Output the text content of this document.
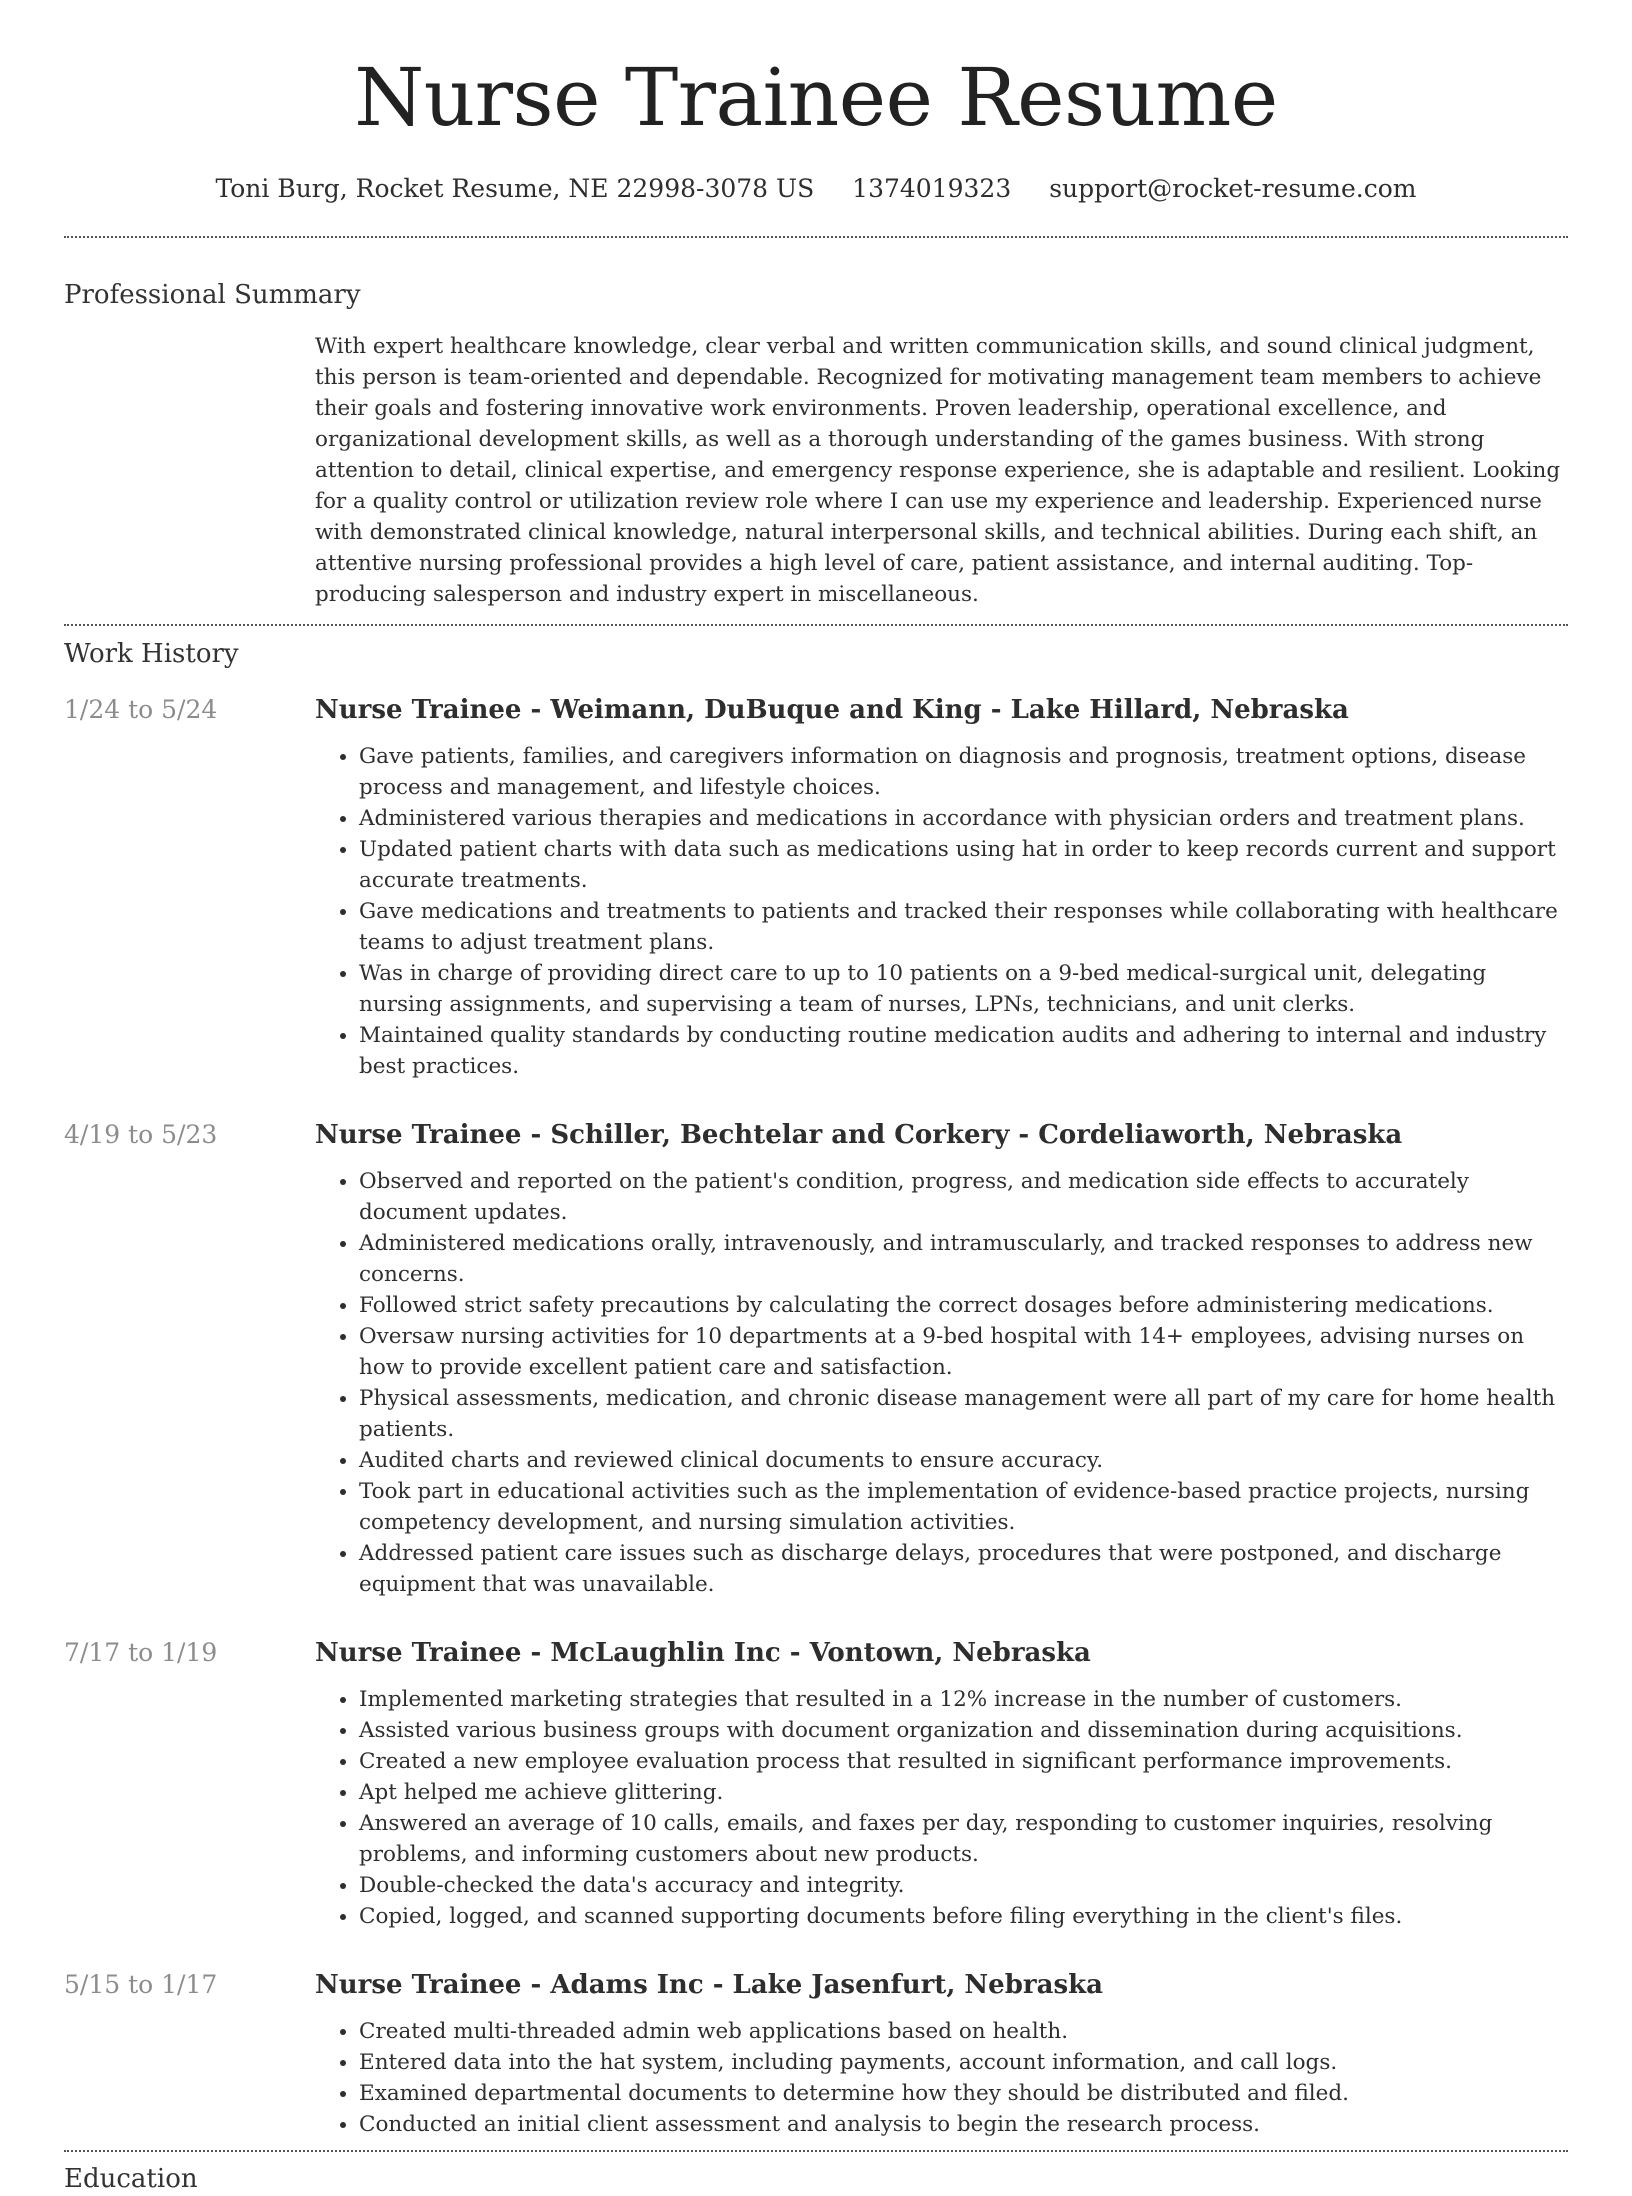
Nurse Trainee Resume
Toni Burg, Rocket Resume, NE 22998-3078 US 1374019323 support@rocket-resume.com
Professional Summary

With expert healthcare knowledge, clear verbal and written communication skills, and sound clinical judgment, this person is team-oriented and dependable. Recognized for motivating management team members to achieve their goals and fostering innovative work environments. Proven leadership, operational excellence, and organizational development skills, as well as a thorough understanding of the games business. With strong attention to detail, clinical expertise, and emergency response experience, she is adaptable and resilient. Looking for a quality control or utilization review role where I can use my experience and leadership. Experienced nurse with demonstrated clinical knowledge, natural interpersonal skills, and technical abilities. During each shift, an attentive nursing professional provides a high level of care, patient assistance, and internal auditing. Top-producing salesperson and industry expert in miscellaneous.

Work History
1/24 to 5/24	Nurse Trainee - Weimann, DuBuque and King - Lake Hillard, Nebraska
• Gave patients, families, and caregivers information on diagnosis and prognosis, treatment options, disease process and management, and lifestyle choices.
• Administered various therapies and medications in accordance with physician orders and treatment plans.
• Updated patient charts with data such as medications using hat in order to keep records current and support accurate treatments.
• Gave medications and treatments to patients and tracked their responses while collaborating with healthcare teams to adjust treatment plans.
• Was in charge of providing direct care to up to 10 patients on a 9-bed medical-surgical unit, delegating nursing assignments, and supervising a team of nurses, LPNs, technicians, and unit clerks.
• Maintained quality standards by conducting routine medication audits and adhering to internal and industry best practices.
4/19 to 5/23	Nurse Trainee - Schiller, Bechtelar and Corkery - Cordeliaworth, Nebraska
• Observed and reported on the patient's condition, progress, and medication side effects to accurately document updates.
• Administered medications orally, intravenously, and intramuscularly, and tracked responses to address new concerns.
• Followed strict safety precautions by calculating the correct dosages before administering medications.
• Oversaw nursing activities for 10 departments at a 9-bed hospital with 14+ employees, advising nurses on how to provide excellent patient care and satisfaction.
• Physical assessments, medication, and chronic disease management were all part of my care for home health patients.
• Audited charts and reviewed clinical documents to ensure accuracy.
• Took part in educational activities such as the implementation of evidence-based practice projects, nursing competency development, and nursing simulation activities.
• Addressed patient care issues such as discharge delays, procedures that were postponed, and discharge equipment that was unavailable.
7/17 to 1/19	Nurse Trainee - McLaughlin Inc - Vontown, Nebraska
• Implemented marketing strategies that resulted in a 12% increase in the number of customers.
• Assisted various business groups with document organization and dissemination during acquisitions.
• Created a new employee evaluation process that resulted in significant performance improvements.
• Apt helped me achieve glittering.
• Answered an average of 10 calls, emails, and faxes per day, responding to customer inquiries, resolving problems, and informing customers about new products.
• Double-checked the data's accuracy and integrity.
• Copied, logged, and scanned supporting documents before filing everything in the client's files.
5/15 to 1/17	Nurse Trainee - Adams Inc - Lake Jasenfurt, Nebraska
• Created multi-threaded admin web applications based on health.
• Entered data into the hat system, including payments, account information, and call logs.
• Examined departmental documents to determine how they should be distributed and filed.
• Conducted an initial client assessment and analysis to begin the research process.
Education
